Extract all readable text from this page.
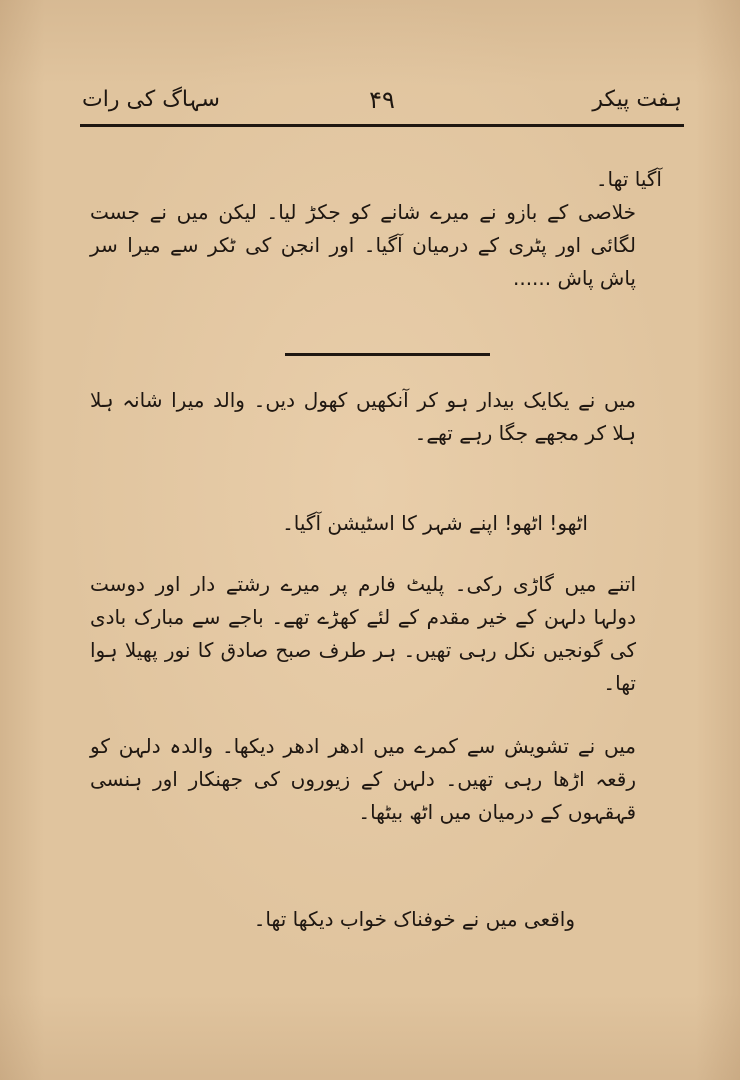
ہفت پیکر
۴۹
سہاگ کی رات

آگیا تھا۔

خلاصی کے بازو نے میرے شانے کو جکڑ لیا۔ لیکن میں نے جست لگائی اور پٹری کے درمیان آگیا۔ اور انجن کی ٹکر سے میرا سر پاش پاش ......

میں نے یکایک بیدار ہو کر آنکھیں کھول دیں۔ والد میرا شانہ ہلا ہلا کر مجھے جگا رہے تھے۔

اٹھو! اٹھو! اپنے شہر کا اسٹیشن آگیا۔

اتنے میں گاڑی رکی۔ پلیٹ فارم پر میرے رشتے دار اور دوست دولہا دلہن کے خیر مقدم کے لئے کھڑے تھے۔ باجے سے مبارک بادی کی گونجیں نکل رہی تھیں۔ ہر طرف صبح صادق کا نور پھیلا ہوا تھا۔

میں نے تشویش سے کمرے میں ادھر ادھر دیکھا۔ والدہ دلہن کو رقعہ اڑھا رہی تھیں۔ دلہن کے زیوروں کی جھنکار اور ہنسی قہقہوں کے درمیان میں اٹھ بیٹھا۔

واقعی میں نے خوفناک خواب دیکھا تھا۔
